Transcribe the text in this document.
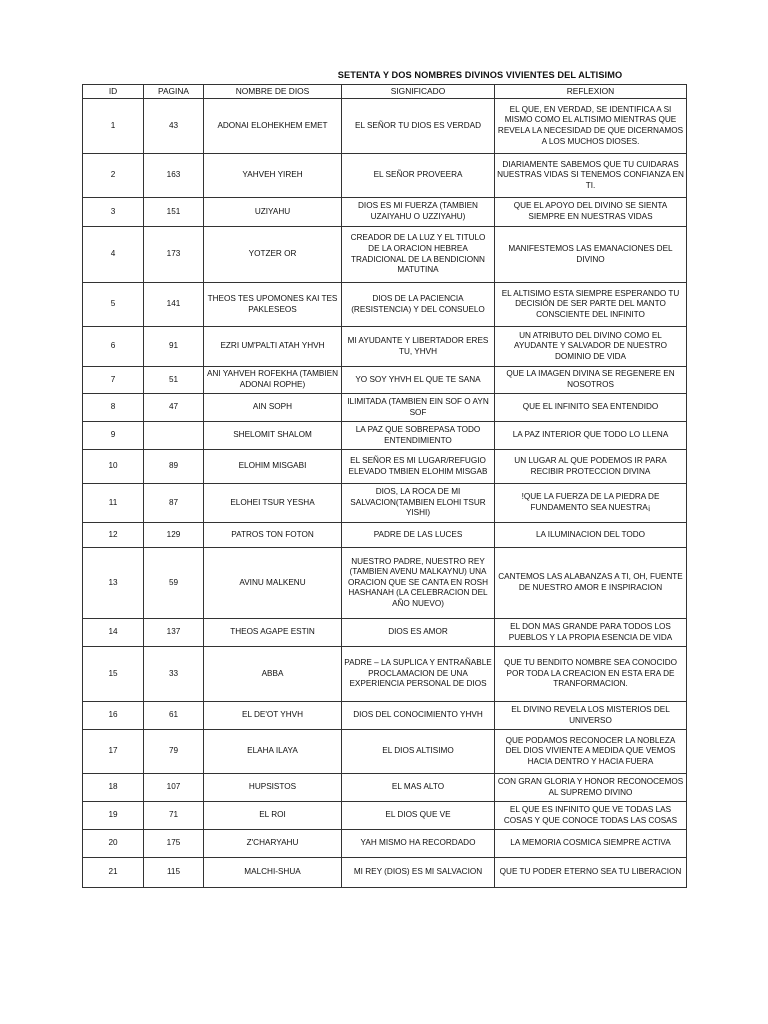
SETENTA Y DOS NOMBRES DIVINOS VIVIENTES DEL ALTISIMO
ID	PAGINA	NOMBRE DE DIOS	SIGNIFICADO	REFLEXION
1	43	ADONAI ELOHEKHEM EMET	EL SEÑOR TU DIOS ES VERDAD	EL QUE, EN VERDAD, SE IDENTIFICA A SI MISMO COMO EL ALTISIMO MIENTRAS QUE REVELA LA NECESIDAD DE QUE DICERNAMOS A LOS MUCHOS DIOSES.
2	163	YAHVEH YIREH	EL SEÑOR PROVEERA	DIARIAMENTE SABEMOS QUE TU CUIDARAS NUESTRAS VIDAS SI TENEMOS CONFIANZA EN TI.
3	151	UZIYAHU	DIOS ES MI FUERZA (TAMBIEN UZAIYAHU O UZZIYAHU)	QUE EL APOYO DEL DIVINO SE SIENTA SIEMPRE EN NUESTRAS VIDAS
4	173	YOTZER OR	CREADOR DE LA LUZ Y EL TITULO DE LA ORACION HEBREA TRADICIONAL DE LA BENDICIONN MATUTINA	MANIFESTEMOS LAS EMANACIONES DEL DIVINO
5	141	THEOS TES UPOMONES KAI TES PAKLESEOS	DIOS DE LA PACIENCIA (RESISTENCIA) Y DEL CONSUELO	EL ALTISIMO ESTA SIEMPRE ESPERANDO TU DECISIÓN DE SER PARTE DEL MANTO CONSCIENTE DEL INFINITO
6	91	EZRI UM'PALTI ATAH YHVH	MI AYUDANTE Y LIBERTADOR ERES TU, YHVH	UN ATRIBUTO DEL DIVINO COMO EL AYUDANTE Y SALVADOR DE NUESTRO DOMINIO DE VIDA
7	51	ANI YAHVEH ROFEKHA (TAMBIEN ADONAI ROPHE)	YO SOY YHVH EL QUE TE SANA	QUE LA IMAGEN DIVINA SE REGENERE EN NOSOTROS
8	47	AIN SOPH	ILIMITADA (TAMBIEN EIN SOF O AYN SOF	QUE EL INFINITO SEA ENTENDIDO
9		SHELOMIT SHALOM	LA PAZ QUE SOBREPASA TODO ENTENDIMIENTO	LA PAZ INTERIOR QUE TODO LO LLENA
10	89	ELOHIM MISGABI	EL SEÑOR ES MI LUGAR/REFUGIO ELEVADO TMBIEN ELOHIM MISGAB	UN LUGAR AL QUE PODEMOS IR PARA RECIBIR PROTECCION DIVINA
11	87	ELOHEI TSUR YESHA	DIOS, LA ROCA DE MI SALVACION(TAMBIEN ELOHI TSUR YISHI)	!QUE LA FUERZA DE LA PIEDRA DE FUNDAMENTO SEA NUESTRA¡
12	129	PATROS TON FOTON	PADRE DE LAS LUCES	LA ILUMINACION DEL TODO
13	59	AVINU MALKENU	NUESTRO PADRE, NUESTRO REY (TAMBIEN AVENU MALKAYNU) UNA ORACION QUE SE CANTA EN ROSH HASHANAH (LA CELEBRACION DEL AÑO NUEVO)	CANTEMOS LAS ALABANZAS A TI, OH, FUENTE DE NUESTRO AMOR E INSPIRACION
14	137	THEOS AGAPE ESTIN	DIOS ES AMOR	EL DON MAS GRANDE PARA TODOS LOS PUEBLOS Y LA PROPIA ESENCIA DE VIDA
15	33	ABBA	PADRE – LA SUPLICA Y ENTRAÑABLE PROCLAMACION DE UNA EXPERIENCIA PERSONAL DE DIOS	QUE TU BENDITO NOMBRE SEA CONOCIDO POR TODA LA CREACION EN ESTA ERA DE TRANFORMACION.
16	61	EL DE'OT YHVH	DIOS DEL CONOCIMIENTO YHVH	EL DIVINO REVELA LOS MISTERIOS DEL UNIVERSO
17	79	ELAHA ILAYA	EL DIOS ALTISIMO	QUE PODAMOS RECONOCER LA NOBLEZA DEL DIOS VIVIENTE A MEDIDA QUE VEMOS HACIA DENTRO Y HACIA FUERA
18	107	HUPSISTOS	EL MAS ALTO	CON GRAN GLORIA Y HONOR RECONOCEMOS AL SUPREMO DIVINO
19	71	EL ROI	EL DIOS QUE VE	EL QUE ES INFINITO QUE VE TODAS LAS COSAS Y QUE CONOCE TODAS LAS COSAS
20	175	Z'CHARYAHU	YAH MISMO HA RECORDADO	LA MEMORIA COSMICA SIEMPRE ACTIVA
21	115	MALCHI-SHUA	MI REY (DIOS) ES MI SALVACION	QUE TU PODER ETERNO SEA TU LIBERACION
